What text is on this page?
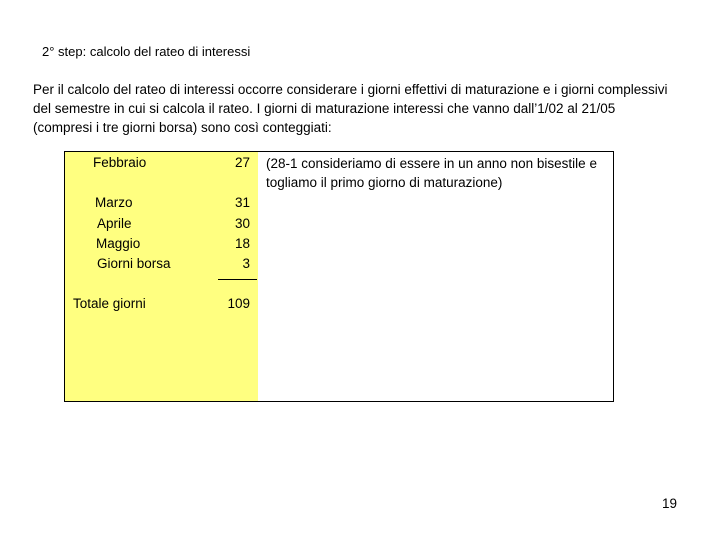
2° step: calcolo del rateo di interessi
Per il calcolo del rateo di interessi occorre considerare i giorni effettivi di maturazione e i giorni complessivi
del semestre in cui si calcola il rateo. I giorni di maturazione interessi che vanno dall’1/02 al 21/05
(compresi i tre giorni borsa) sono così conteggiati:
Febbraio	27
Marzo	31
Aprile	30
Maggio	18
Giorni borsa	3
Totale giorni	109
(28-1 consideriamo di essere in un anno non bisestile e
togliamo il primo giorno di maturazione)
19
